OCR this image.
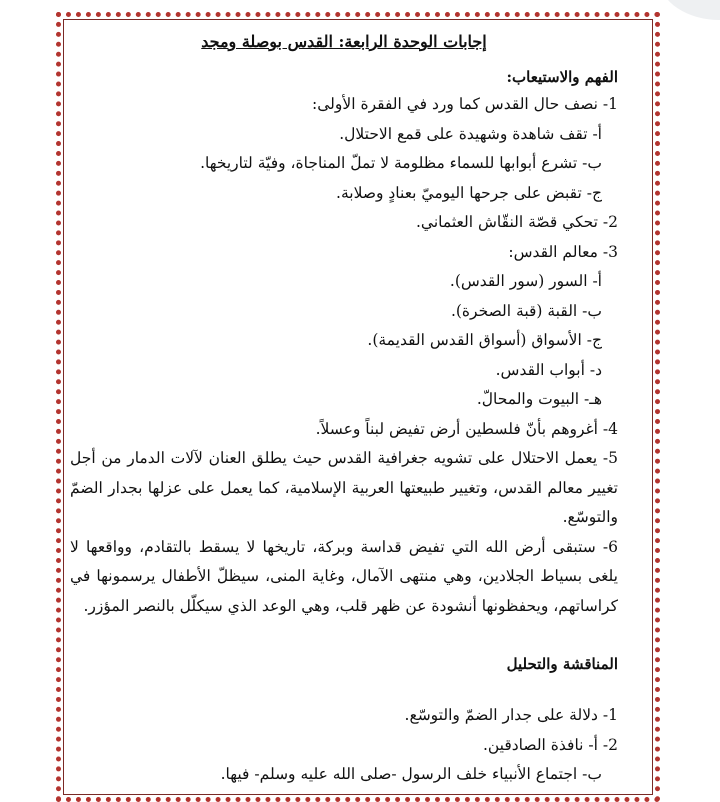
إجابات الوحدة الرابعة: القدس بوصلة ومجد
الفهم والاستيعاب:
1- نصف حال القدس كما ورد في الفقرة الأولى:
أ- تقف شاهدة وشهيدة على قمع الاحتلال.
ب- تشرع أبوابها للسماء مظلومة لا تملّ المناجاة، وفيّة لتاريخها.
ج- تقبض على جرحها اليوميّ بعنادٍ وصلابة.
2- تحكي قصّة النقّاش العثماني.
3- معالم القدس:
أ- السور (سور القدس).
ب- القبة (قبة الصخرة).
ج- الأسواق (أسواق القدس القديمة).
د- أبواب القدس.
هـ- البيوت والمحالّ.
4- أغروهم بأنّ فلسطين أرض تفيض لبناً وعسلاً.
5- يعمل الاحتلال على تشويه جغرافية القدس حيث يطلق العنان لآلات الدمار من أجل تغيير معالم القدس، وتغيير طبيعتها العربية الإسلامية، كما يعمل على عزلها بجدار الضمّ والتوسّع.
6- ستبقى أرض الله التي تفيض قداسة وبركة، تاريخها لا يسقط بالتقادم، وواقعها لا يلغى بسياط الجلادين، وهي منتهى الآمال، وغاية المنى، سيظلّ الأطفال يرسمونها في كراساتهم، ويحفظونها أنشودة عن ظهر قلب، وهي الوعد الذي سيكلّل بالنصر المؤزر.
المناقشة والتحليل
1- دلالة على جدار الضمّ والتوسّع.
2- أ- نافذة الصادقين.
ب- اجتماع الأنبياء خلف الرسول -صلى الله عليه وسلم- فيها.
